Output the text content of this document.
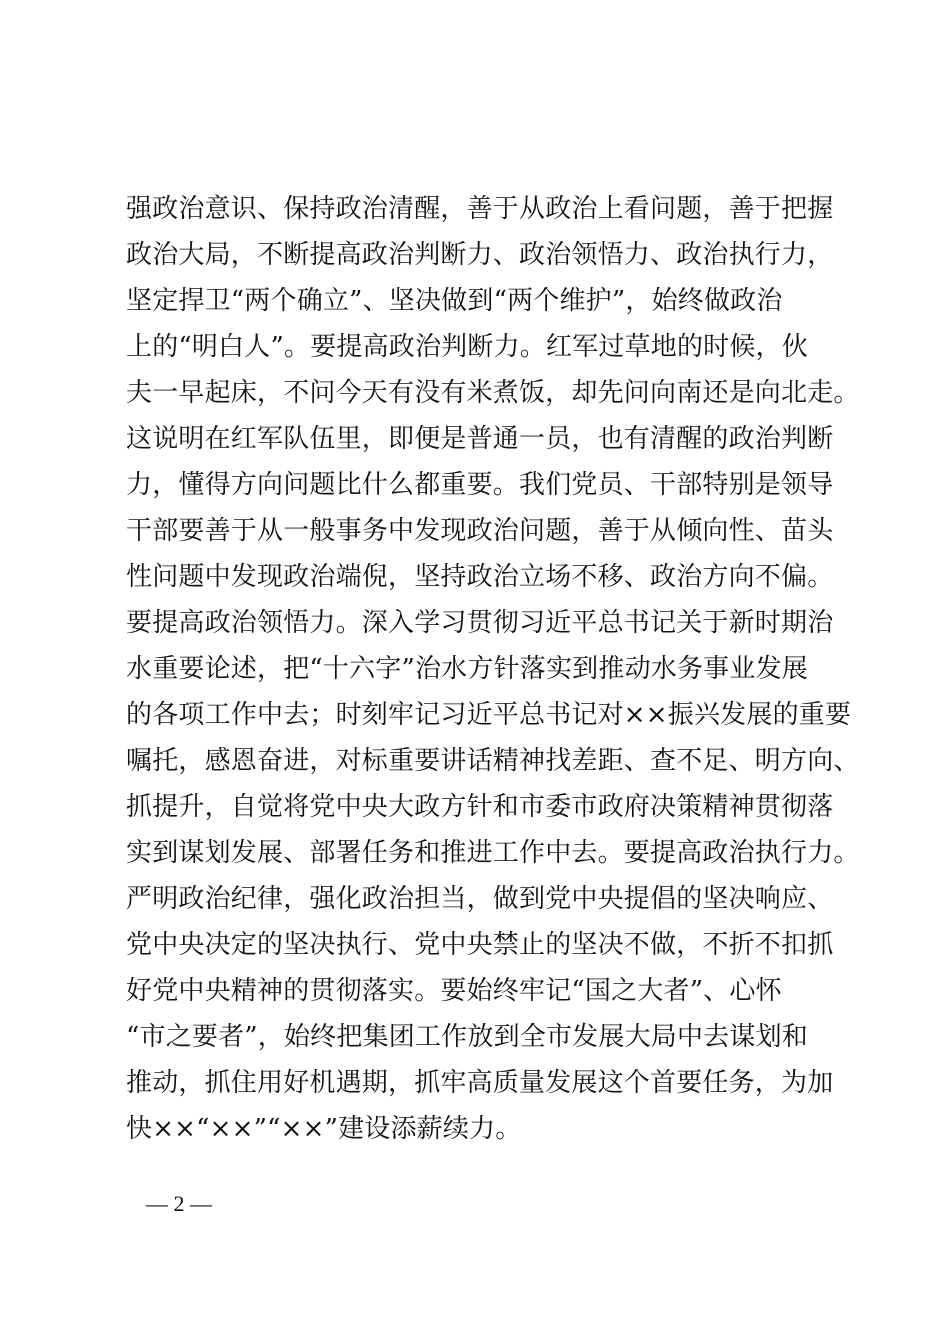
强政治意识、保持政治清醒，善于从政治上看问题，善于把握
政治大局，不断提高政治判断力、政治领悟力、政治执行力，
坚定捍卫“两个确立”、坚决做到“两个维护”，始终做政治
上的“明白人”。要提高政治判断力。红军过草地的时候，伙
夫一早起床，不问今天有没有米煮饭，却先问向南还是向北走。
这说明在红军队伍里，即便是普通一员，也有清醒的政治判断
力，懂得方向问题比什么都重要。我们党员、干部特别是领导
干部要善于从一般事务中发现政治问题，善于从倾向性、苗头
性问题中发现政治端倪，坚持政治立场不移、政治方向不偏。
要提高政治领悟力。深入学习贯彻习近平总书记关于新时期治
水重要论述，把“十六字”治水方针落实到推动水务事业发展
的各项工作中去；时刻牢记习近平总书记对××振兴发展的重要
嘱托，感恩奋进，对标重要讲话精神找差距、查不足、明方向、
抓提升，自觉将党中央大政方针和市委市政府决策精神贯彻落
实到谋划发展、部署任务和推进工作中去。要提高政治执行力。
严明政治纪律，强化政治担当，做到党中央提倡的坚决响应、
党中央决定的坚决执行、党中央禁止的坚决不做，不折不扣抓
好党中央精神的贯彻落实。要始终牢记“国之大者”、心怀
“市之要者”，始终把集团工作放到全市发展大局中去谋划和
推动，抓住用好机遇期，抓牢高质量发展这个首要任务，为加
快××“××”“××”建设添薪续力。
— 2 —
